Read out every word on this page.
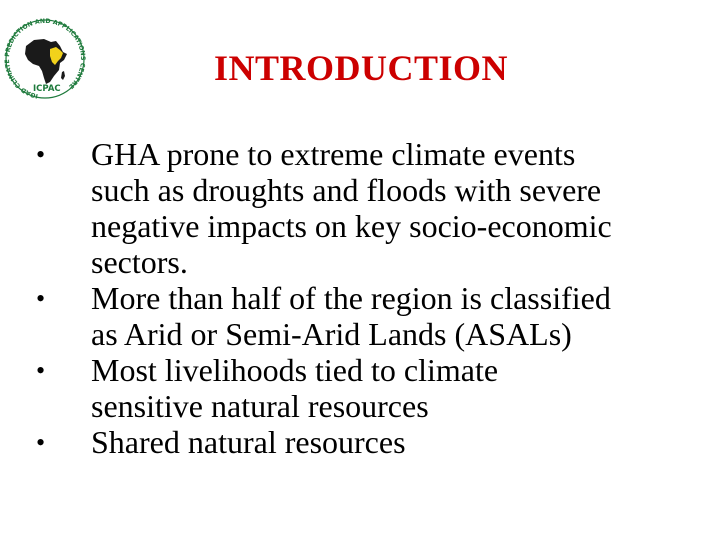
IGAD CLIMATE PREDICTION AND APPLICATIONS CENTRE
ICPAC
INTRODUCTION
•	GHA prone to extreme climate events
such as droughts and floods with severe
negative impacts on key socio-economic
sectors.
•	More than half of the region is classified
as Arid or Semi-Arid Lands (ASALs)
•	Most livelihoods tied to climate
sensitive natural resources
•	Shared natural resources
